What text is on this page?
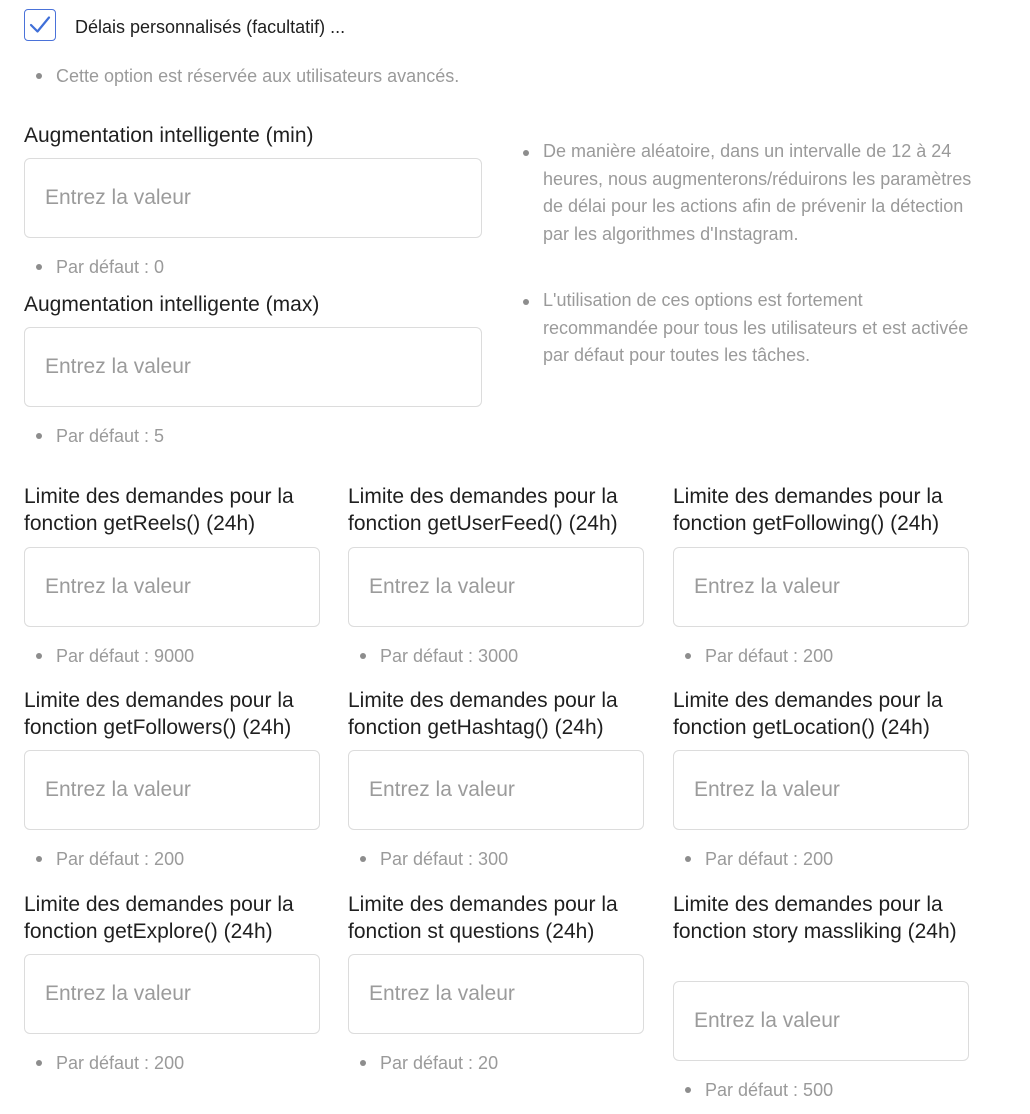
Délais personnalisés (facultatif) ...
Cette option est réservée aux utilisateurs avancés.
Augmentation intelligente (min)
Entrez la valeur
Par défaut : 0
Augmentation intelligente (max)
Entrez la valeur
Par défaut : 5
De manière aléatoire, dans un intervalle de 12 à 24 heures, nous augmenterons/réduirons les paramètres de délai pour les actions afin de prévenir la détection par les algorithmes d'Instagram.
L'utilisation de ces options est fortement recommandée pour tous les utilisateurs et est activée par défaut pour toutes les tâches.
Limite des demandes pour la fonction getReels() (24h)
Entrez la valeur
Par défaut : 9000
Limite des demandes pour la fonction getUserFeed() (24h)
Entrez la valeur
Par défaut : 3000
Limite des demandes pour la fonction getFollowing() (24h)
Entrez la valeur
Par défaut : 200
Limite des demandes pour la fonction getFollowers() (24h)
Entrez la valeur
Par défaut : 200
Limite des demandes pour la fonction getHashtag() (24h)
Entrez la valeur
Par défaut : 300
Limite des demandes pour la fonction getLocation() (24h)
Entrez la valeur
Par défaut : 200
Limite des demandes pour la fonction getExplore() (24h)
Entrez la valeur
Par défaut : 200
Limite des demandes pour la fonction st questions (24h)
Entrez la valeur
Par défaut : 20
Limite des demandes pour la fonction story massliking (24h)
Entrez la valeur
Par défaut : 500
